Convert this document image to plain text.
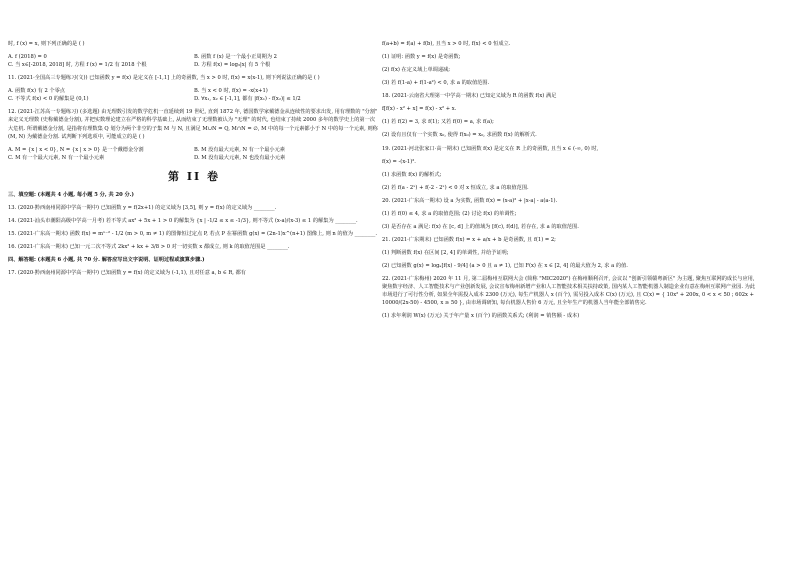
时, f (x) = x, 则下列正确的是 ( )

A. f (2018) = 0	B. 函数 f (x) 是一个最小正周期为 2
C. 当 x∈[-2018, 2018] 时, 方程 f (x) = 1/2 有 2018 个根	D. 方程 f(x) = log₃|x| 有 5 个根

11. (2021·全国高三专题练习(文)) 已知函数 y = f(x) 是定义在 [-1,1] 上的奇函数, 当 x > 0 时, f(x) = x(x-1), 则下列说法正确的是 ( )

A. 函数 f(x) 有 2 个零点	B. 当 x < 0 时, f(x) = -x(x+1)
C. 不等式 f(x) < 0 的解集是 (0,1)	D. ∀x₁, x₂ ∈ [-1,1], 都有 |f(x₁) - f(x₂)| ≤ 1/2

12. (2021·江苏高一专题练习) (多选题) 由无理数引发的数学危机一直延续到 19 世纪, 直到 1872 年, 德国数学家戴德金从连续性的要求出发, 用有理数的 "分割" 来定义无理数 (史称戴德金分割), 并把实数理论建立在严格的科学基础上, 从而结束了无理数被认为 "无理" 的时代, 也结束了持续 2000 多年的数学史上的第一次大危机. 所谓戴德金分割, 是指将有理数集 Q 划分为两个非空的子集 M 与 N, 且满足 M∪N = Q, M∩N = ∅, M 中的每一个元素都小于 N 中的每一个元素, 则称 (M, N) 为戴德金分割. 试判断下列选项中, 可能成立的是 ( )

A. M = {x | x < 0}, N = {x | x > 0} 是一个戴德金分割	B. M 没有最大元素, N 有一个最小元素
C. M 有一个最大元素, N 有一个最小元素	D. M 没有最大元素, N 也没有最小元素
第 II 卷

三、填空题: (本题共 4 小题, 每小题 5 分, 共 20 分.)

13. (2020·黔西南州同源中学高一期中) 已知函数 y = f(2x+1) 的定义域为 [3,5], 则 y = f(x) 的定义域为 ________.

14. (2021·汕头市潮阳高级中学高一月考) 若不等式 ax² + 5x + 1 > 0 的解集为 {x | -1/2 ≤ x ≤ -1/3}, 则不等式 (x-a)/(x-3) ≤ 1 的解集为 ________.

15. (2021·广东高一期末) 函数 f(x) = mˣ⁻² - 1/2 (m > 0, m ≠ 1) 的图像恒过定点 P, 若点 P 在幂函数 g(x) = (2n-1)x^(n+1) 图像上, 则 n 的值为 ________.

16. (2021·广东高一期末) 已知一元二次不等式 2kx² + kx + 3/8 > 0 对一切实数 x 都成立, 则 k 的取值范围是 ________.

四、解答题: (本题共 6 小题, 共 70 分. 解答应写出文字说明、证明过程或演算步骤.)

17. (2020·黔西南州同源中学高一期中) 已知函数 y = f(x) 的定义域为 (-1,1), 且对任意 a, b ∈ R, 都有

f(a+b) = f(a) + f(b), 且当 x > 0 时, f(x) < 0 恒成立.

(1) 证明: 函数 y = f(x) 是奇函数;

(2) f(x) 在定义域上单调递减;

(3) 若 f(1-a) + f(1-a²) < 0, 求 a 的取值范围.

18. (2021·云南省大理第一中学高一期末) 已知定义域为 R 的函数 f(x) 满足

f[f(x) - x² + x] = f(x) - x² + x.

(1) 若 f(2) = 3, 求 f(1); 又若 f(0) = a, 求 f(a);

(2) 设有且仅有一个实数 x₀, 使得 f(x₀) = x₀, 求函数 f(x) 的解析式.

19. (2021·河北张家口·高一期末) 已知函数 f(x) 是定义在 R 上的奇函数, 且当 x ∈ (-∞, 0) 时,

f(x) = -(x-1)².

(1) 求函数 f(x) 的解析式;

(2) 若 f(a - 2ˣ) + f(-2 - 2ˣ) < 0 对 x 恒成立, 求 a 的取值范围.

20. (2021·广东高一期末) 设 a 为实数, 函数 f(x) = (x-a)² + |x-a| - a(a-1).

(1) 若 f(0) ≤ 4, 求 a 的取值范围; (2) 讨论 f(x) 的单调性;

(3) 是否存在 a 满足: f(x) 在 [c, d] 上的值域为 [f(c), f(d)], 若存在, 求 a 的取值范围.

21. (2021·广东期末) 已知函数 f(x) = x + a/x + b 是奇函数, 且 f(1) = 2;

(1) 判断函数 f(x) 在区间 [2, 4] 的单调性, 并给予证明;

(2) 已知函数 g(x) = logₐ[f(x) - 9/4] (a > 0 且 a ≠ 1), 已知 F(x) 在 x ∈ [2, 4] 的最大值为 2, 求 a 的值.

22. (2021·广东梅州) 2020 年 11 月, 第二届梅州互联网大会 (简称 "MIC2020") 在梅州顺利召开, 会议以 "创新引领赣粤新区" 为主题, 聚焦互联网的成长与应用, 聚焦数字经济、人工智能技术与产业创新发展, 会议宣布梅州新增产业和人工智能技术相关扶持政策, 国内某人工智能机器人制造企业有意在梅州互联网产业园. 为此市场进行了可行性分析, 如果全年需投入成本 2300 (万元), 每生产机器人 x (百个), 需另投入成本 C(x) (万元), 且 C(x) = { 10x² + 200x, 0 < x < 50 ; 602x + 10000/(2x-50) - 4500, x ≥ 50 }, 由市场调研知, 每台机器人售价 6 万元, 且全年生产的机器人当年能全部销售完.

(1) 求年利润 W(x) (万元) 关于年产量 x (百个) 的函数关系式; (利润 = 销售额 - 成本)
